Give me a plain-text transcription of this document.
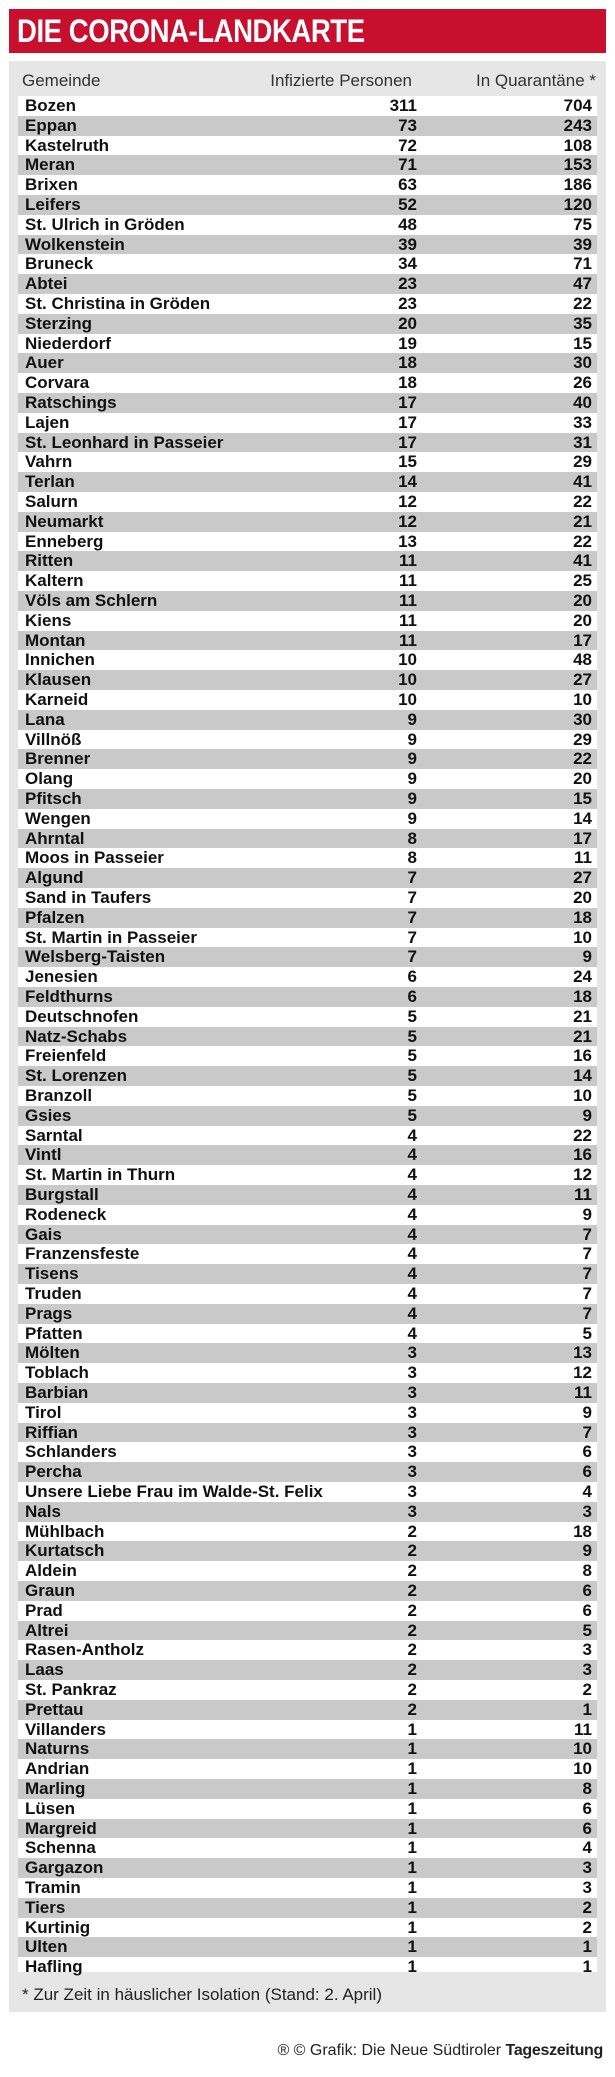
DIE CORONA-LANDKARTE
Gemeinde	Infizierte Personen	In Quarantäne *
Bozen	311	704
Eppan	73	243
Kastelruth	72	108
Meran	71	153
Brixen	63	186
Leifers	52	120
St. Ulrich in Gröden	48	75
Wolkenstein	39	39
Bruneck	34	71
Abtei	23	47
St. Christina in Gröden	23	22
Sterzing	20	35
Niederdorf	19	15
Auer	18	30
Corvara	18	26
Ratschings	17	40
Lajen	17	33
St. Leonhard in Passeier	17	31
Vahrn	15	29
Terlan	14	41
Salurn	12	22
Neumarkt	12	21
Enneberg	13	22
Ritten	11	41
Kaltern	11	25
Völs am Schlern	11	20
Kiens	11	20
Montan	11	17
Innichen	10	48
Klausen	10	27
Karneid	10	10
Lana	9	30
Villnöß	9	29
Brenner	9	22
Olang	9	20
Pfitsch	9	15
Wengen	9	14
Ahrntal	8	17
Moos in Passeier	8	11
Algund	7	27
Sand in Taufers	7	20
Pfalzen	7	18
St. Martin in Passeier	7	10
Welsberg-Taisten	7	9
Jenesien	6	24
Feldthurns	6	18
Deutschnofen	5	21
Natz-Schabs	5	21
Freienfeld	5	16
St. Lorenzen	5	14
Branzoll	5	10
Gsies	5	9
Sarntal	4	22
Vintl	4	16
St. Martin in Thurn	4	12
Burgstall	4	11
Rodeneck	4	9
Gais	4	7
Franzensfeste	4	7
Tisens	4	7
Truden	4	7
Prags	4	7
Pfatten	4	5
Mölten	3	13
Toblach	3	12
Barbian	3	11
Tirol	3	9
Riffian	3	7
Schlanders	3	6
Percha	3	6
Unsere Liebe Frau im Walde-St. Felix	3	4
Nals	3	3
Mühlbach	2	18
Kurtatsch	2	9
Aldein	2	8
Graun	2	6
Prad	2	6
Altrei	2	5
Rasen-Antholz	2	3
Laas	2	3
St. Pankraz	2	2
Prettau	2	1
Villanders	1	11
Naturns	1	10
Andrian	1	10
Marling	1	8
Lüsen	1	6
Margreid	1	6
Schenna	1	4
Gargazon	1	3
Tramin	1	3
Tiers	1	2
Kurtinig	1	2
Ulten	1	1
Hafling	1	1
* Zur Zeit in häuslicher Isolation (Stand: 2. April)
® © Grafik: Die Neue Südtiroler Tageszeitung
